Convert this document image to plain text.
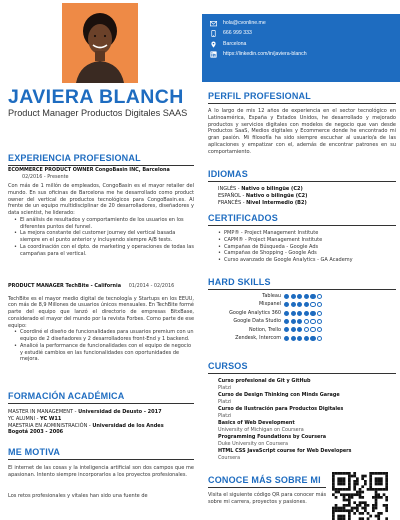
JAVIERA BLANCH
Product Manager Productos Digitales SAAS
EXPERIENCIA PROFESIONAL
ECOMMERCE PRODUCT OWNER CongoBasin INC, Barcelona
02/2016 - Presente
Con más de 1 millón de empleados, CongoBasin es el mayor retailer del mundo. En sus oficinas de Barcelona me he desarrollado como product owner del vertical de productos tecnológicos para CongoBasin.es. Al frente de un equipo multidisciplinar de 20 desarrolladores, diseñadores y data scientist, he liderado:
• El análisis de resultados y comportamiento de los usuarios en los diferentes puntos del funnel.
• La mejora constante del customer journey del vertical basada siempre en el punto anterior y incluyendo siempre A/B tests.
• La coordinación con el dpto. de marketing y operaciones de todas las campañas para el vertical.
PRODUCT MANAGER TechBite - California 01/2014 - 02/2016
TechBite es el mayor medio digital de tecnología y Startups en los EEUU, con más de 8,9 Millones de usuarios únicos mensuales. En TechBite formé parte del equipo que lanzó el directorio de empresas BitxBase, considerado el mayor del mundo por la revista Forbes. Como parte de ese equipo:
• Coordiné el diseño de funcionalidades para usuarios premium con un equipo de 2 diseñadores y 2 desarrolladores front-End y 1 backend.
• Analicé la performance de funcionalidades con el equipo de negocio y estudié cambios en las funcionalidades con oportunidades de mejora.
FORMACIÓN ACADÉMICA
MASTER IN MANAGEMENT - Universidad de Deusto - 2017
YC ALUMNI - YC W11
MAESTRIA EN ADMINISTRACIÓN - Universidad de los Andes
Bogotá 2003 - 2006
ME MOTIVA
El internet de las cosas y la inteligencia artificial son dos campos que me apasionan. Intento siempre incorporarlos a los proyectos profesionales.
Los retos profesionales y vitales han sido una fuente de
hola@cvonline.me
666 999 333
Barcelona
https://linkedin.com/in/javiera-blanch
PERFIL PROFESIONAL
A lo largo de mis 12 años de experiencia en el sector tecnológico en Latinoamérica, España y Estados Unidos, he desarrollado y mejorado productos y servicios digitales con modelos de negocio que van desde Productos SaaS, Medios digitales y Ecommerce donde he encontrado mi gran pasión. Mi filosofía ha sido siempre escuchar al usuario/a de las aplicaciones y empatizar con el, además de encontrar patrones en su comportamiento.
IDIOMAS
INGLÉS - Nativo o bilingüe (C2)
ESPAÑOL - Nativo o bilingüe (C2)
FRANCÉS - Nivel Intermedio (B2)
CERTIFICADOS
• PMP® - Project Management Institute
• CAPM® - Project Management Institute
• Campañas de Búsqueda - Google Ads
• Campañas de Shopping - Google Ads
• Curso avanzado de Google Analytics - GA Academy
HARD SKILLS
Tableau
Mixpanel
Google Analytics 360
Google Data Studio
Notion, Trello
Zendesk, Intercom
CURSOS
Curso profesional de Git y GitHub
Platzi
Curso de Design Thinking con Minds Garage
Platzi
Curso de Ilustración para Productos Digitales
Platzi
Basics of Web Development
University of Michigan on Coursera
Programming Foundations by Coursera
Duke University on Coursera
HTML CSS JavaScript course for Web Developers
Coursera
CONOCE MÁS SOBRE MI
Visita el siguiente código QR para conocer más sobre mi carrera, proyectos y pasiones.
